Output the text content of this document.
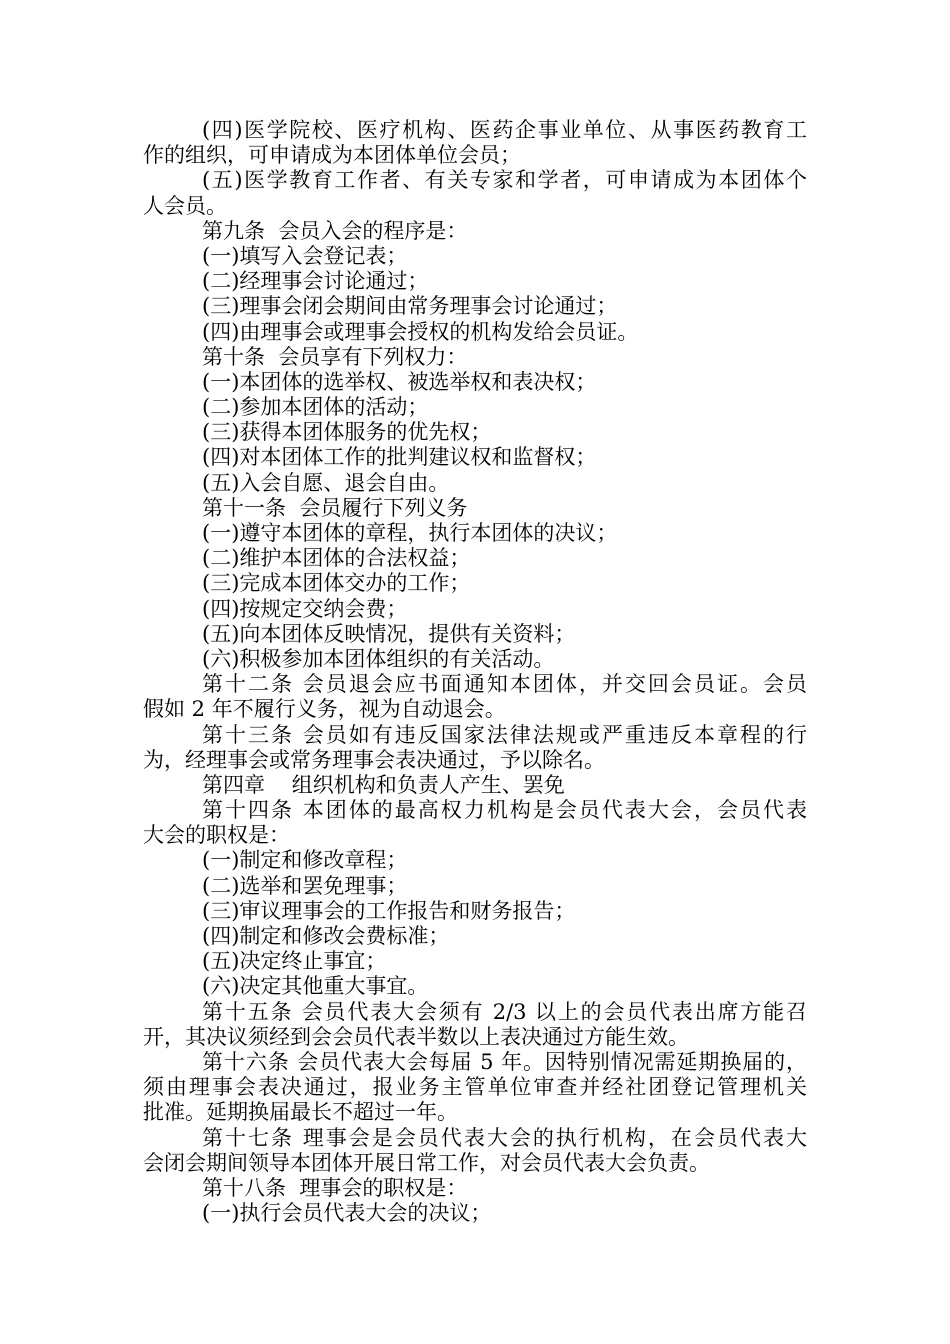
(四)医学院校、医疗机构、医药企事业单位、从事医药教育工
作的组织，可申请成为本团体单位会员；
(五)医学教育工作者、有关专家和学者，可申请成为本团体个
人会员。
第九条  会员入会的程序是：
(一)填写入会登记表；
(二)经理事会讨论通过；
(三)理事会闭会期间由常务理事会讨论通过；
(四)由理事会或理事会授权的机构发给会员证。
第十条  会员享有下列权力：
(一)本团体的选举权、被选举权和表决权；
(二)参加本团体的活动；
(三)获得本团体服务的优先权；
(四)对本团体工作的批判建议权和监督权；
(五)入会自愿、退会自由。
第十一条  会员履行下列义务
(一)遵守本团体的章程，执行本团体的决议；
(二)维护本团体的合法权益；
(三)完成本团体交办的工作；
(四)按规定交纳会费；
(五)向本团体反映情况，提供有关资料；
(六)积极参加本团体组织的有关活动。
第十二条 会员退会应书面通知本团体，并交回会员证。会员
假如 2 年不履行义务，视为自动退会。
第十三条 会员如有违反国家法律法规或严重违反本章程的行
为，经理事会或常务理事会表决通过，予以除名。
第四章    组织机构和负责人产生、罢免
第十四条 本团体的最高权力机构是会员代表大会，会员代表
大会的职权是：
(一)制定和修改章程；
(二)选举和罢免理事；
(三)审议理事会的工作报告和财务报告；
(四)制定和修改会费标准；
(五)决定终止事宜；
(六)决定其他重大事宜。
第十五条 会员代表大会须有 2/3 以上的会员代表出席方能召
开，其决议须经到会会员代表半数以上表决通过方能生效。
第十六条 会员代表大会每届 5 年。因特别情况需延期换届的，
须由理事会表决通过，报业务主管单位审查并经社团登记管理机关
批准。延期换届最长不超过一年。
第十七条 理事会是会员代表大会的执行机构，在会员代表大
会闭会期间领导本团体开展日常工作，对会员代表大会负责。
第十八条  理事会的职权是：
(一)执行会员代表大会的决议；
